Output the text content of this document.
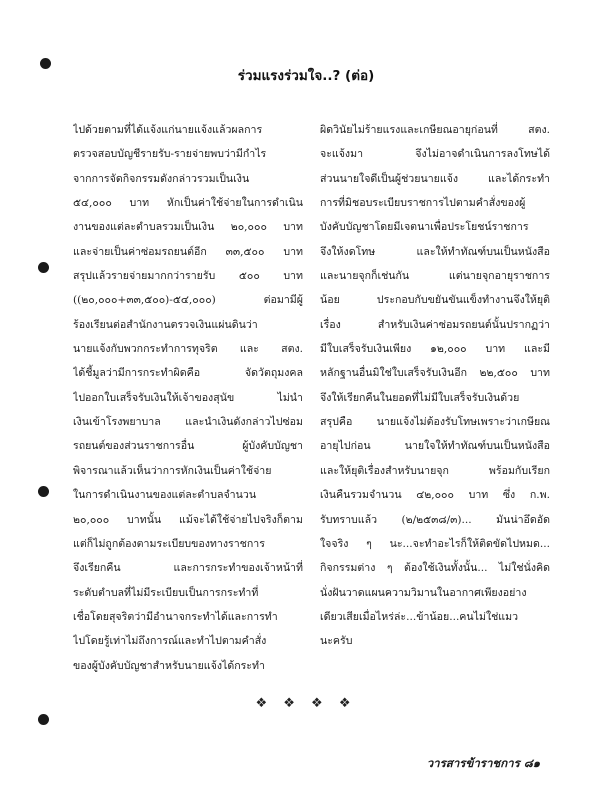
ร่วมแรงร่วมใจ..? (ต่อ)
ไปด้วยตามที่ได้แจ้งแก่นายแจ้งแล้วผลการ
ตรวจสอบบัญชีรายรับ-รายจ่ายพบว่ามีกำไร
จากการจัดกิจกรรมดังกล่าวรวมเป็นเงิน
๕๔,๐๐๐ บาท หักเป็นค่าใช้จ่ายในการดำเนิน
งานของแต่ละตำบลรวมเป็นเงิน ๒๐,๐๐๐ บาท
และจ่ายเป็นค่าซ่อมรถยนต์อีก ๓๓,๕๐๐ บาท
สรุปแล้วรายจ่ายมากกว่ารายรับ ๕๐๐ บาท
((๒๐,๐๐๐+๓๓,๕๐๐)-๕๔,๐๐๐) ต่อมามีผู้
ร้องเรียนต่อสำนักงานตรวจเงินแผ่นดินว่า
นายแจ้งกับพวกกระทำการทุจริต และ สตง.
ได้ชี้มูลว่ามีการกระทำผิดคือ จัดวัตถุมงคล
ไปออกใบเสร็จรับเงินให้เจ้าของสุนัข ไม่นำ
เงินเข้าโรงพยาบาล และนำเงินดังกล่าวไปซ่อม
รถยนต์ของส่วนราชการอื่น ผู้บังคับบัญชา
พิจารณาแล้วเห็นว่าการหักเงินเป็นค่าใช้จ่าย
ในการดำเนินงานของแต่ละตำบลจำนวน
๒๐,๐๐๐ บาทนั้น แม้จะได้ใช้จ่ายไปจริงก็ตาม
แต่ก็ไม่ถูกต้องตามระเบียบของทางราชการ
จึงเรียกคืน และการกระทำของเจ้าหน้าที่
ระดับตำบลที่ไม่มีระเบียบเป็นการกระทำที่
เชื่อโดยสุจริตว่ามีอำนาจกระทำได้และการทำ
ไปโดยรู้เท่าไม่ถึงการณ์และทำไปตามคำสั่ง
ของผู้บังคับบัญชาสำหรับนายแจ้งได้กระทำ
ผิดวินัยไม่ร้ายแรงและเกษียณอายุก่อนที่ สตง.
จะแจ้งมา จึงไม่อาจดำเนินการลงโทษได้
ส่วนนายใจดีเป็นผู้ช่วยนายแจ้ง และได้กระทำ
การที่มิชอบระเบียบราชการไปตามคำสั่งของผู้
บังคับบัญชาโดยมีเจตนาเพื่อประโยชน์ราชการ
จึงให้งดโทษ และให้ทำทัณฑ์บนเป็นหนังสือ
และนายจุกก็เช่นกัน แต่นายจุกอายุราชการ
น้อย ประกอบกับขยันขันแข็งทำงานจึงให้ยุติ
เรื่อง สำหรับเงินค่าซ่อมรถยนต์นั้นปรากฏว่า
มีใบเสร็จรับเงินเพียง ๑๒,๐๐๐ บาท และมี
หลักฐานอื่นมิใช่ใบเสร็จรับเงินอีก ๒๒,๕๐๐ บาท
จึงให้เรียกคืนในยอดที่ไม่มีใบเสร็จรับเงินด้วย
สรุปคือ นายแจ้งไม่ต้องรับโทษเพราะว่าเกษียณ
อายุไปก่อน นายใจให้ทำทัณฑ์บนเป็นหนังสือ
และให้ยุติเรื่องสำหรับนายจุก พร้อมกับเรียก
เงินคืนรวมจำนวน ๔๒,๐๐๐ บาท ซึ่ง ก.พ.
รับทราบแล้ว (๒/๒๕๓๘/๓)... มันน่าอึดอัด
ใจจริง ๆ นะ...จะทำอะไรก็ให้ติดขัดไปหมด...
กิจกรรมต่าง ๆ ต้องใช้เงินทั้งนั้น... ไม่ใช่นั่งคิด
นั่งฝันวาดแผนความวิมานในอากาศเพียงอย่าง
เดียวเสียเมื่อไหร่ล่ะ...ข้าน้อย...คนไม่ใช่แมว
นะครับ
❖ ❖ ❖ ❖
วารสารข้าราชการ ๘๑
